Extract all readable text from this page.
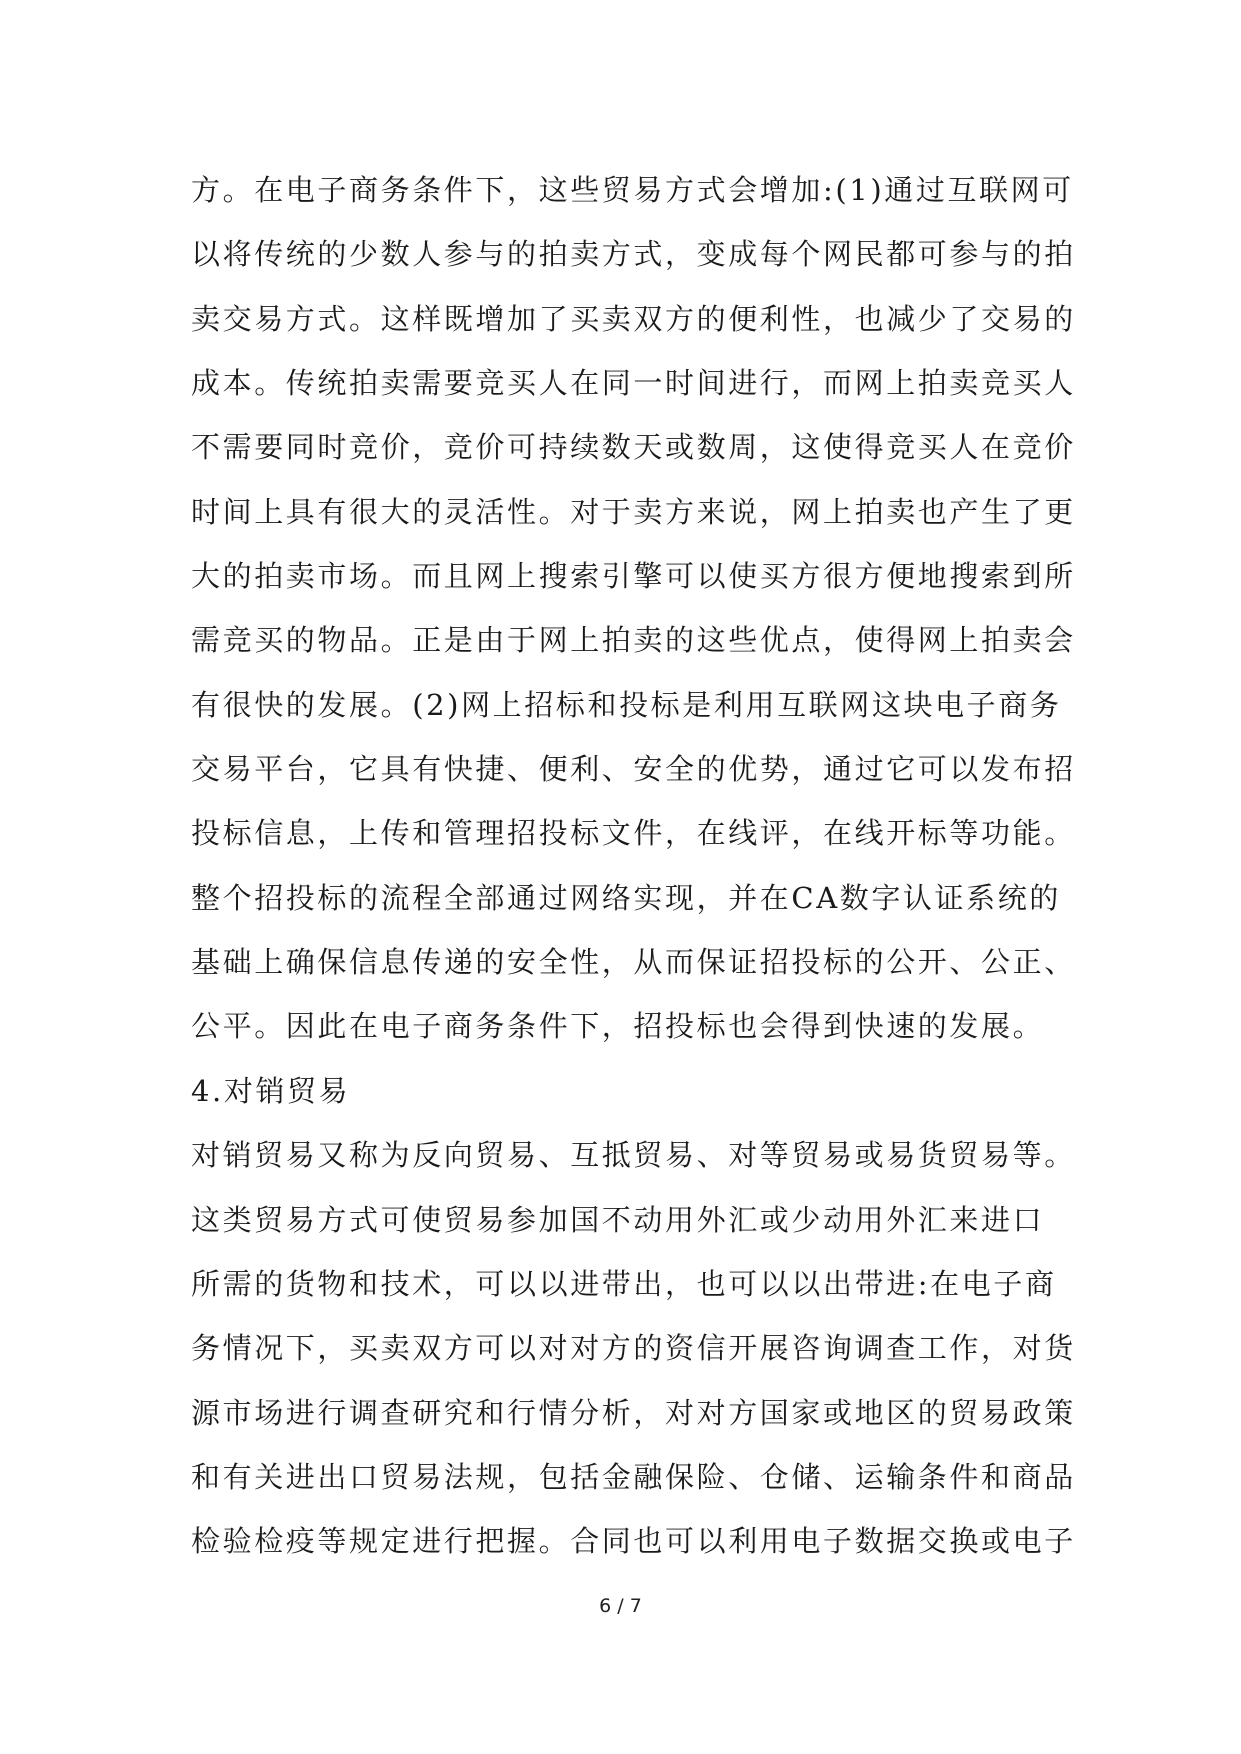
方。在电子商务条件下，这些贸易方式会增加:(1)通过互联网可

以将传统的少数人参与的拍卖方式，变成每个网民都可参与的拍

卖交易方式。这样既增加了买卖双方的便利性，也减少了交易的

成本。传统拍卖需要竞买人在同一时间进行，而网上拍卖竞买人

不需要同时竞价，竞价可持续数天或数周，这使得竞买人在竞价

时间上具有很大的灵活性。对于卖方来说，网上拍卖也产生了更

大的拍卖市场。而且网上搜索引擎可以使买方很方便地搜索到所

需竞买的物品。正是由于网上拍卖的这些优点，使得网上拍卖会

有很快的发展。(2)网上招标和投标是利用互联网这块电子商务

交易平台，它具有快捷、便利、安全的优势，通过它可以发布招

投标信息，上传和管理招投标文件，在线评，在线开标等功能。

整个招投标的流程全部通过网络实现，并在CA数字认证系统的

基础上确保信息传递的安全性，从而保证招投标的公开、公正、

公平。因此在电子商务条件下，招投标也会得到快速的发展。

4.对销贸易

对销贸易又称为反向贸易、互抵贸易、对等贸易或易货贸易等。

这类贸易方式可使贸易参加国不动用外汇或少动用外汇来进口

所需的货物和技术，可以以进带出，也可以以出带进:在电子商

务情况下，买卖双方可以对对方的资信开展咨询调查工作，对货

源市场进行调查研究和行情分析，对对方国家或地区的贸易政策

和有关进出口贸易法规，包括金融保险、仓储、运输条件和商品

检验检疫等规定进行把握。合同也可以利用电子数据交换或电子

6 / 7
